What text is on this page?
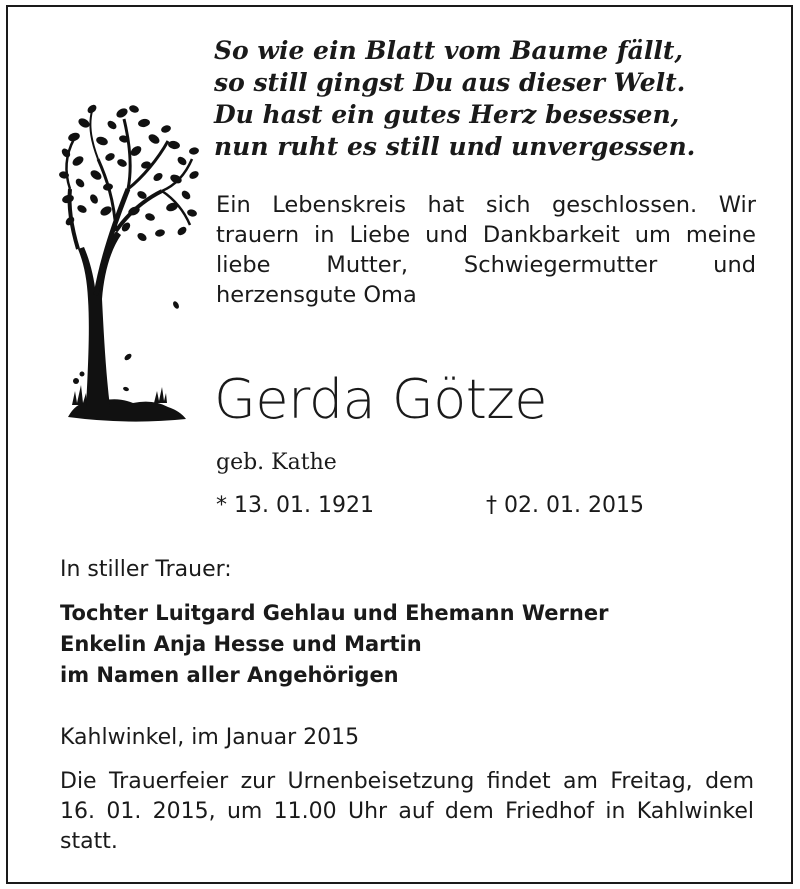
So wie ein Blatt vom Baume fällt,
so still gingst Du aus dieser Welt.
Du hast ein gutes Herz besessen,
nun ruht es still und unvergessen.
Ein Lebenskreis hat sich geschlossen. Wir trauern in Liebe und Dankbarkeit um meine liebe Mutter, Schwiegermutter und herzensgute Oma
Gerda Götze
geb. Kathe
* 13. 01. 1921	† 02. 01. 2015
In stiller Trauer:
Tochter Luitgard Gehlau und Ehemann Werner
Enkelin Anja Hesse und Martin
im Namen aller Angehörigen
Kahlwinkel, im Januar 2015
Die Trauerfeier zur Urnenbeisetzung findet am Freitag, dem 16. 01. 2015, um 11.00 Uhr auf dem Friedhof in Kahlwinkel statt.
